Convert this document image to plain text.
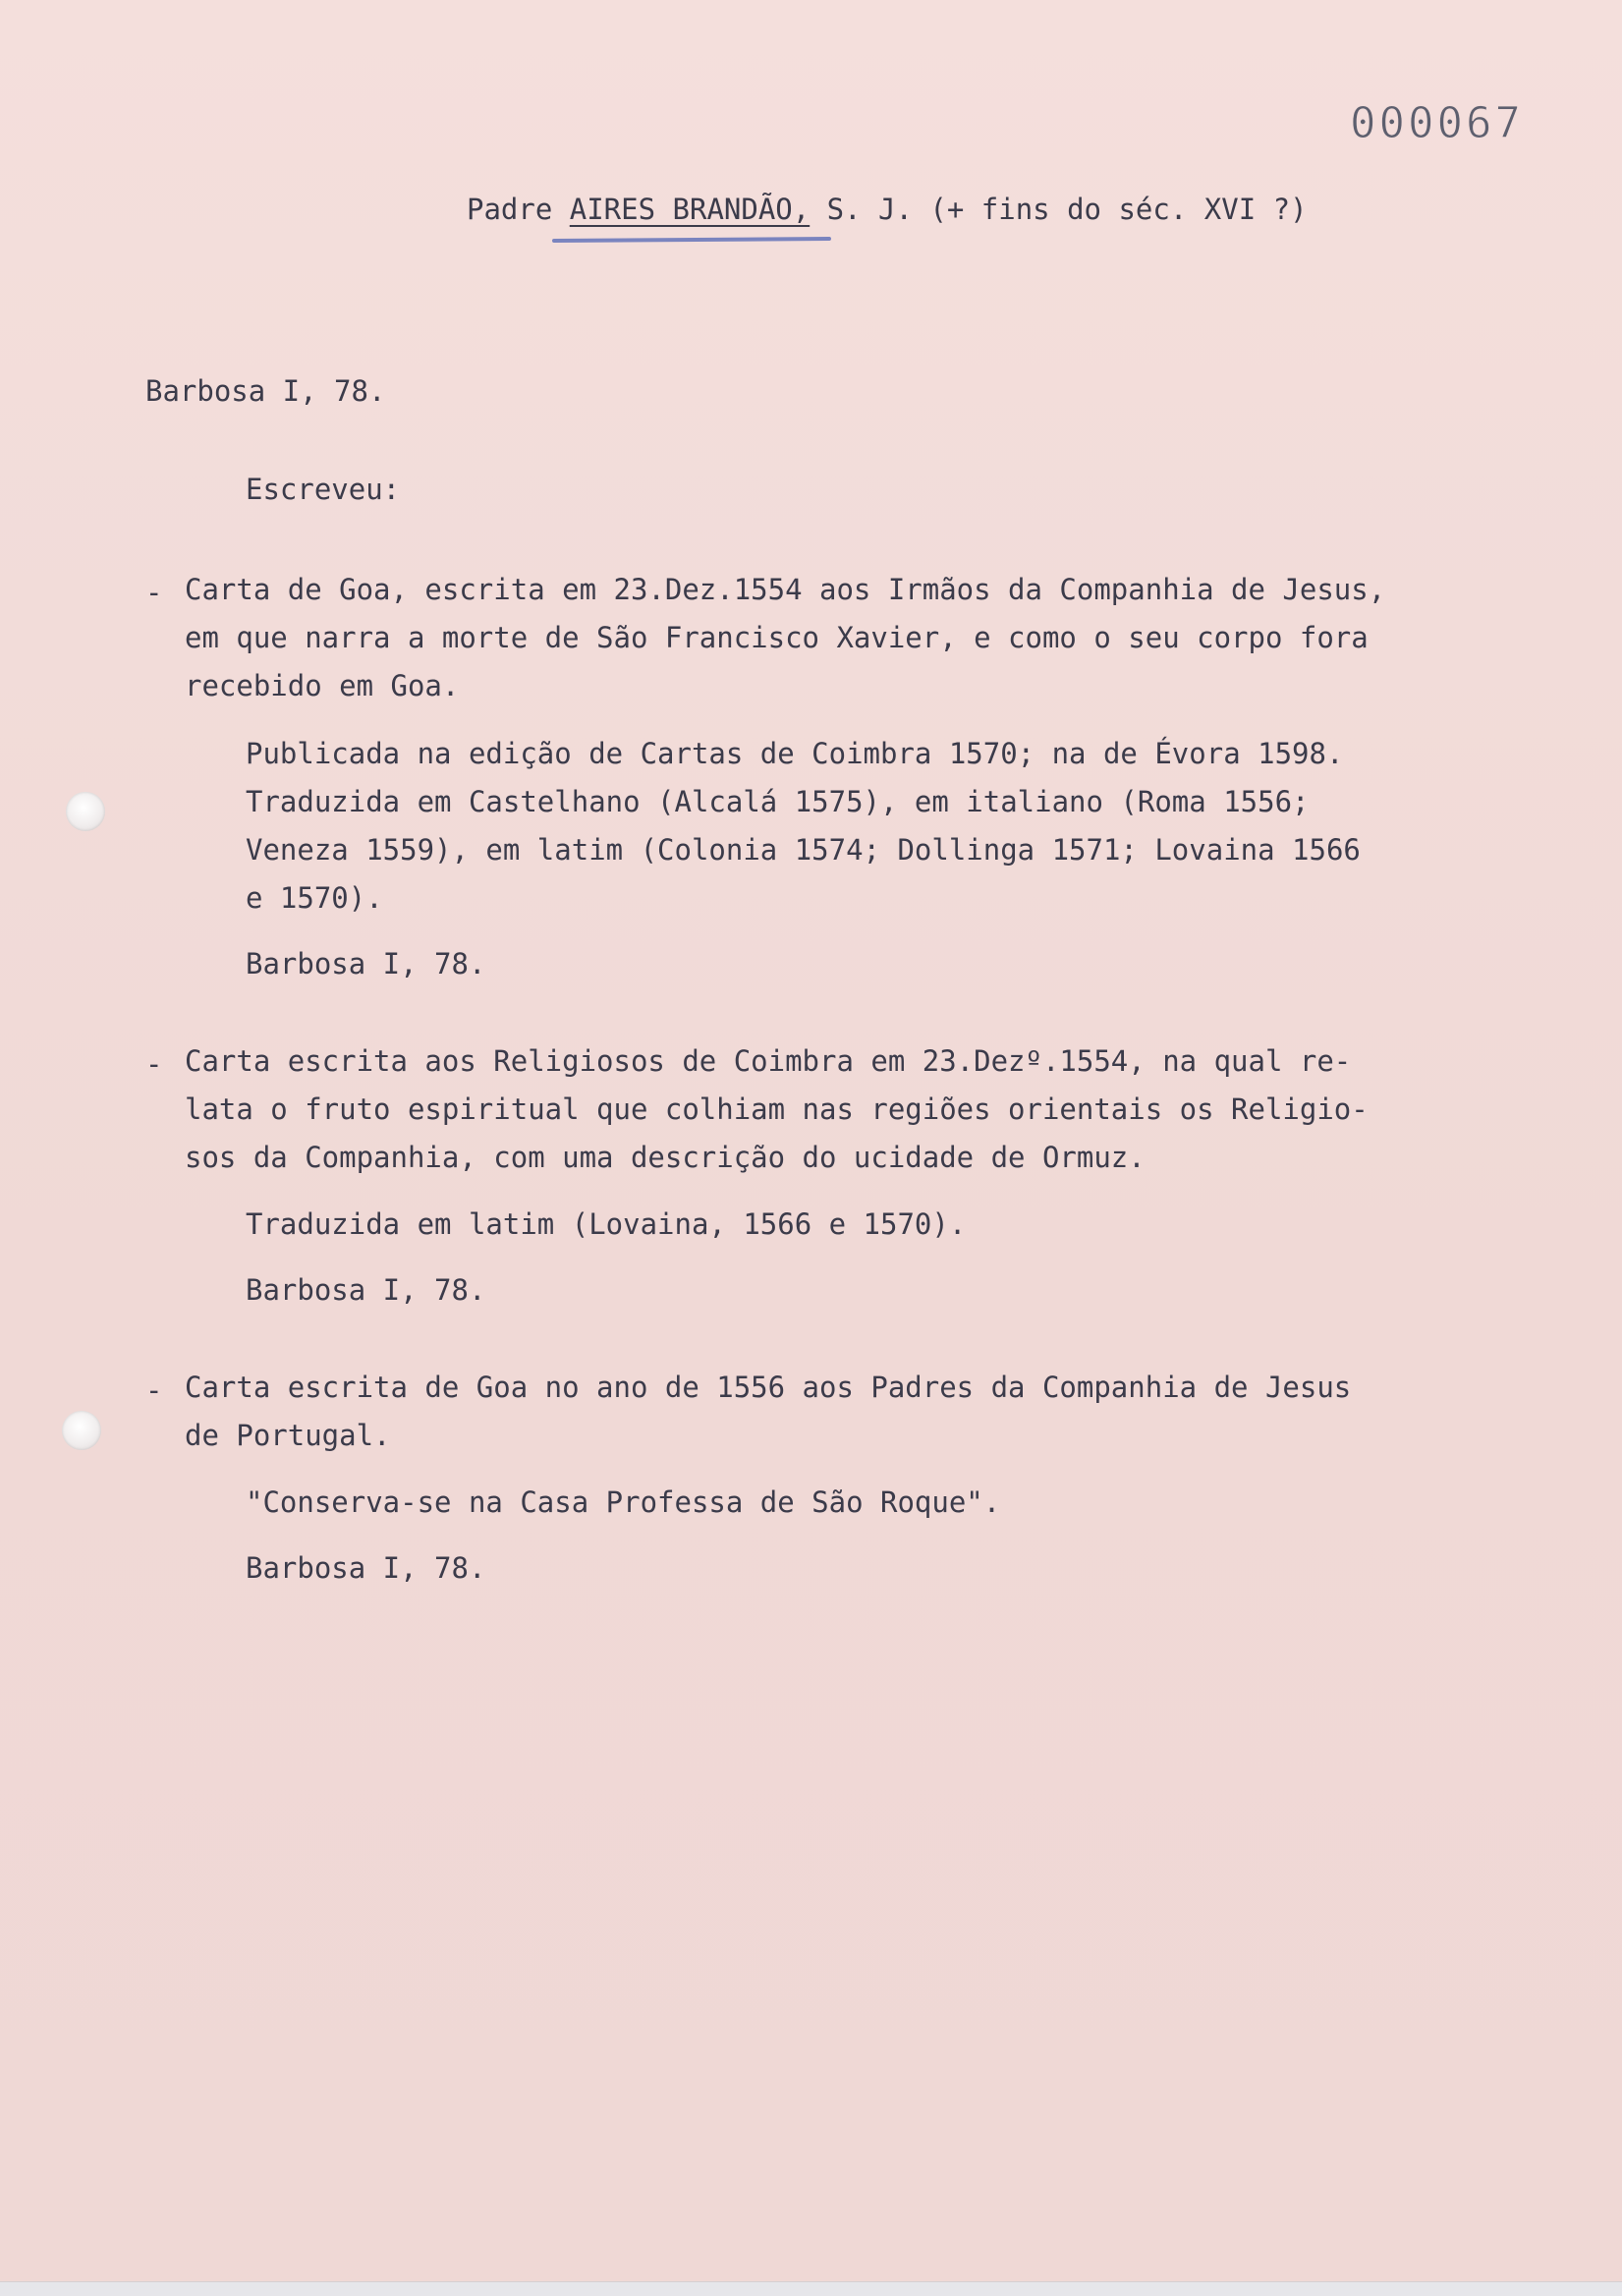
000067
Padre AIRES BRANDÃO, S. J. (+ fins do séc. XVI ?)
Barbosa I, 78.
Escreveu:
- Carta de Goa, escrita em 23.Dez.1554 aos Irmãos da Companhia de Jesus,
em que narra a morte de São Francisco Xavier, e como o seu corpo fora
recebido em Goa.
Publicada na edição de Cartas de Coimbra 1570; na de Évora 1598.
Traduzida em Castelhano (Alcalá 1575), em italiano (Roma 1556;
Veneza 1559), em latim (Colonia 1574; Dollinga 1571; Lovaina 1566
e 1570).
Barbosa I, 78.
- Carta escrita aos Religiosos de Coimbra em 23.Dezº.1554, na qual re-
lata o fruto espiritual que colhiam nas regiões orientais os Religio-
sos da Companhia, com uma descrição do ucidade de Ormuz.
Traduzida em latim (Lovaina, 1566 e 1570).
Barbosa I, 78.
- Carta escrita de Goa no ano de 1556 aos Padres da Companhia de Jesus
de Portugal.
"Conserva-se na Casa Professa de São Roque".
Barbosa I, 78.
